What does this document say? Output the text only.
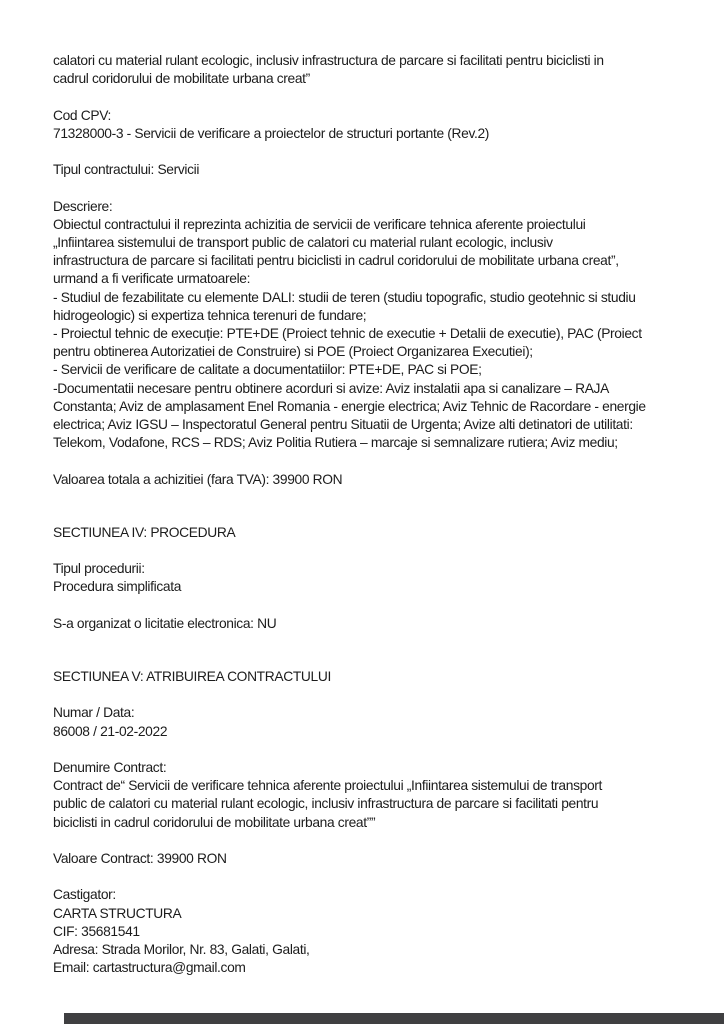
calatori cu material rulant ecologic, inclusiv infrastructura de parcare si facilitati pentru biciclisti in
cadrul coridorului de mobilitate urbana creat”
Cod CPV:
71328000-3 - Servicii de verificare a proiectelor de structuri portante (Rev.2)
Tipul contractului: Servicii
Descriere:
Obiectul contractului il reprezinta achizitia de servicii de verificare tehnica aferente proiectului
„Infiintarea sistemului de transport public de calatori cu material rulant ecologic, inclusiv
infrastructura de parcare si facilitati pentru biciclisti in cadrul coridorului de mobilitate urbana creat”,
urmand a fi verificate urmatoarele:
- Studiul de fezabilitate cu elemente DALI: studii de teren (studiu topografic, studio geotehnic si studiu
hidrogeologic) si expertiza tehnica terenuri de fundare;
- Proiectul tehnic de execuție: PTE+DE (Proiect tehnic de executie + Detalii de executie), PAC (Proiect
pentru obtinerea Autorizatiei de Construire) si POE (Proiect Organizarea Executiei);
- Servicii de verificare de calitate a documentatiilor: PTE+DE, PAC si POE;
-Documentatii necesare pentru obtinere acorduri si avize: Aviz instalatii apa si canalizare – RAJA
Constanta; Aviz de amplasament Enel Romania - energie electrica; Aviz Tehnic de Racordare - energie
electrica; Aviz IGSU – Inspectoratul General pentru Situatii de Urgenta; Avize alti detinatori de utilitati:
Telekom, Vodafone, RCS – RDS; Aviz Politia Rutiera – marcaje si semnalizare rutiera; Aviz mediu;
Valoarea totala a achizitiei (fara TVA): 39900 RON
SECTIUNEA IV: PROCEDURA
Tipul procedurii:
Procedura simplificata
S-a organizat o licitatie electronica: NU
SECTIUNEA V: ATRIBUIREA CONTRACTULUI
Numar / Data:
86008 / 21-02-2022
Denumire Contract:
Contract de“ Servicii de verificare tehnica aferente proiectului „Infiintarea sistemului de transport
public de calatori cu material rulant ecologic, inclusiv infrastructura de parcare si facilitati pentru
biciclisti in cadrul coridorului de mobilitate urbana creat””
Valoare Contract: 39900 RON
Castigator:
CARTA STRUCTURA
CIF: 35681541
Adresa: Strada Morilor, Nr. 83, Galati, Galati,
Email: cartastructura@gmail.com
